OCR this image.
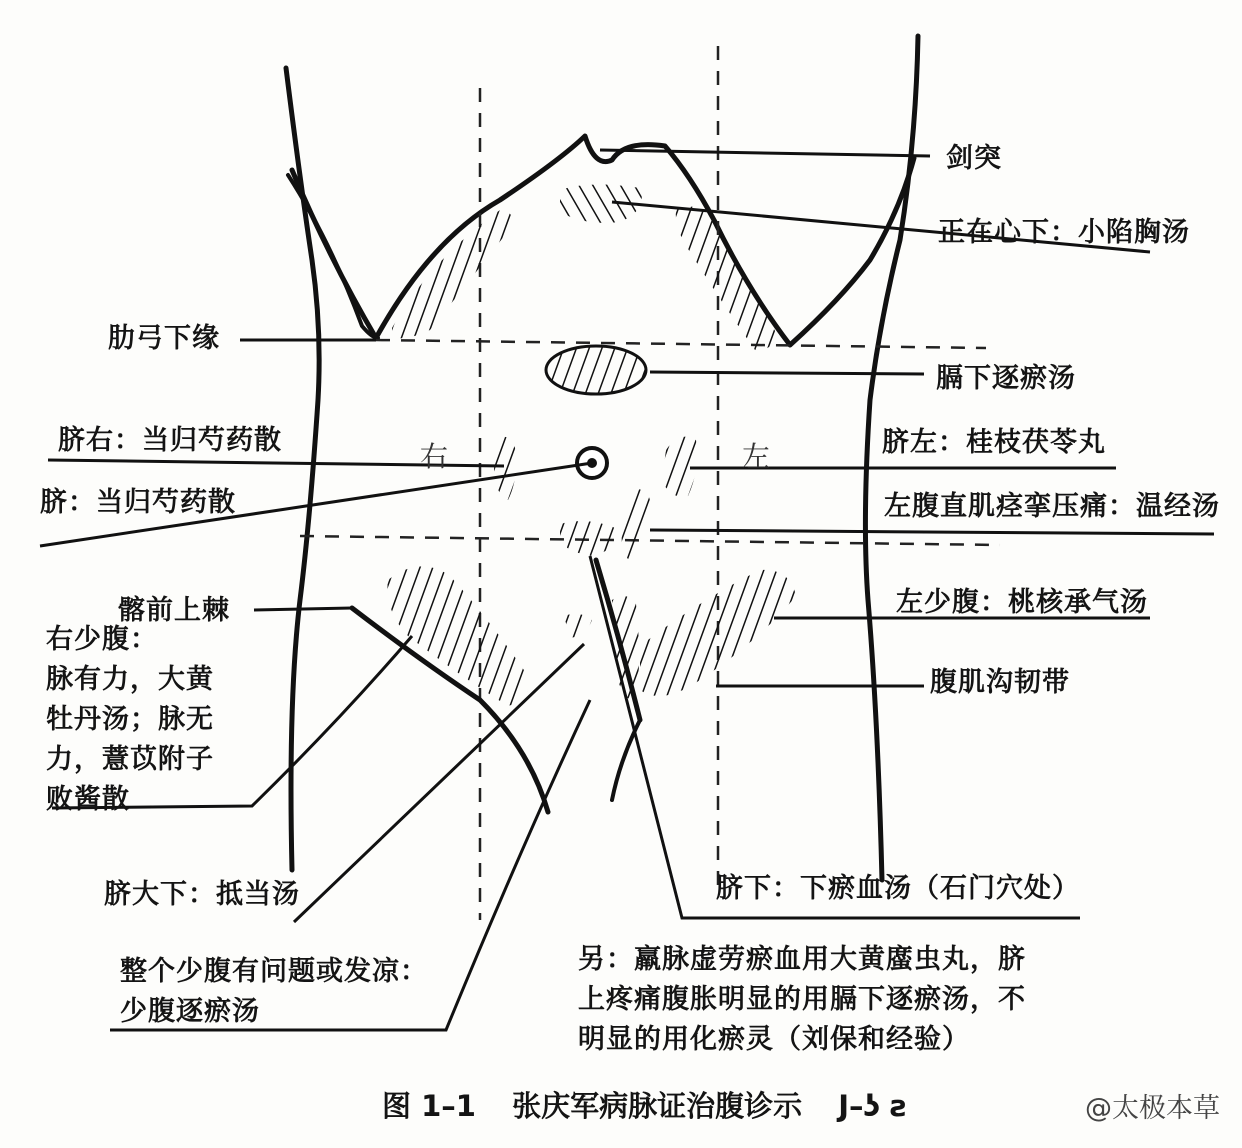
右	左
剑突
正在心下：小陷胸汤
肋弓下缘
膈下逐瘀汤
脐右：当归芍药散	脐左：桂枝茯苓丸
脐：当归芍药散	左腹直肌痉挛压痛：温经汤
髂前上棘	左少腹：桃核承气汤
右少腹：
脉有力，大黄
牡丹汤；脉无
力，薏苡附子
败酱散
腹肌沟韧带
脐大下：抵当汤	脐下：下瘀血汤（石门穴处）
整个少腹有问题或发凉：
少腹逐瘀汤
另：羸脉虚劳瘀血用大黄䗪虫丸，脐
上疼痛腹胀明显的用膈下逐瘀汤，不
明显的用化瘀灵（刘保和经验）
图 1–1 张庆军病脉证治腹诊示 J–ʖ ƨ	@太极本草
